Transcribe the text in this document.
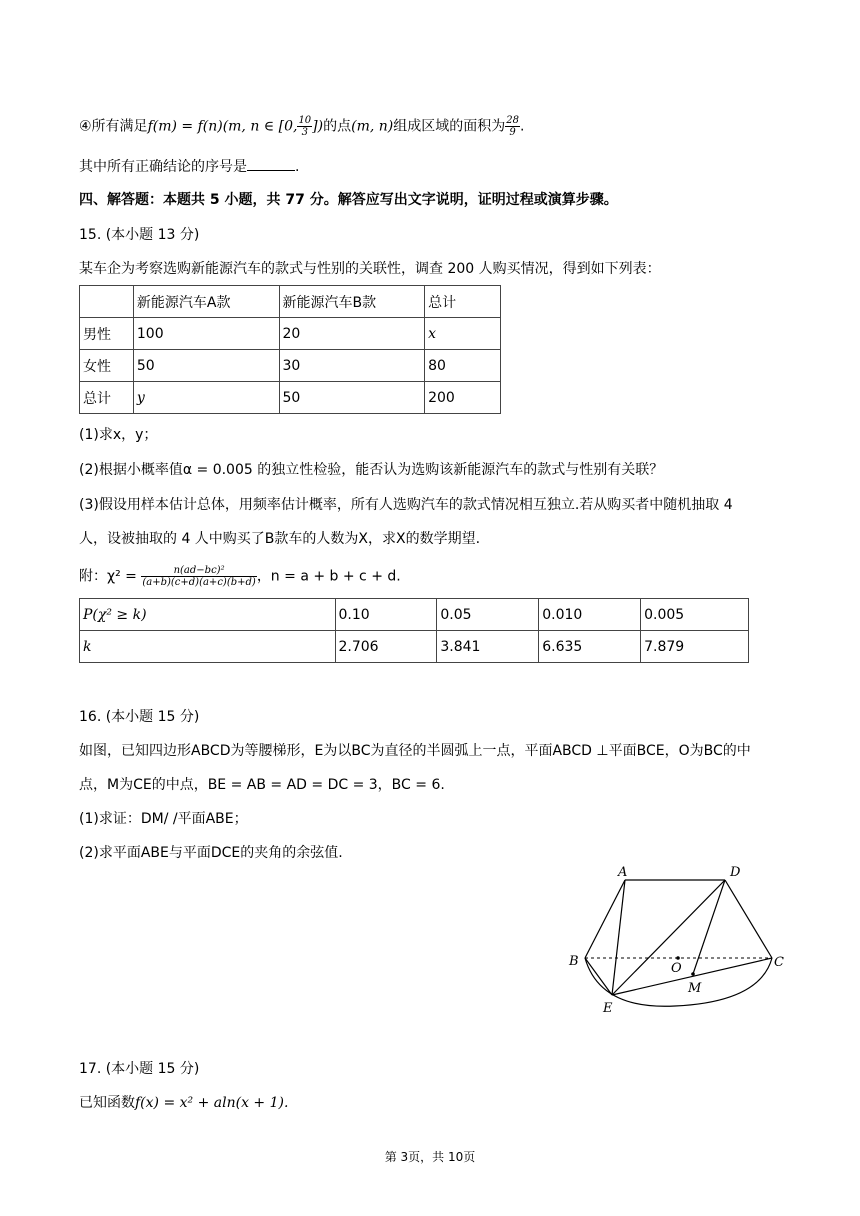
④所有满足f(m) = f(n)(m, n ∈ [0, $\frac{10}{3}$ ])的点(m, n)组成区域的面积为 $\frac{28}{9}$ .
其中所有正确结论的序号是	.
四、解答题：本题共 5 小题，共 77 分。解答应写出文字说明，证明过程或演算步骤。
15. (本小题 13 分)
某车企为考察选购新能源汽车的款式与性别的关联性，调查 200 人购买情况，得到如下列表：
	新能源汽车A款	新能源汽车B款	总计
男性	100	20	x
女性	50	30	80
总计	y	50	200
(1)求x，y；
(2)根据小概率值α = 0.005 的独立性检验，能否认为选购该新能源汽车的款式与性别有关联？
(3)假设用样本估计总体，用频率估计概率，所有人选购汽车的款式情况相互独立.若从购买者中随机抽取 4
人，设被抽取的 4 人中购买了B款车的人数为X，求X的数学期望.
附：$\chi^2 = \frac{\text{n(ad−bc)²}}{(a+b)(c+d)(a+c)(b+d)}$ ，n = a + b + c + d.
P(χ² ≥ k)	0.10	0.05	0.010	0.005
k	2.706	3.841	6.635	7.879
16. (本小题 15 分)
如图，已知四边形ABCD为等腰梯形，E为以BC为直径的半圆弧上一点，平面ABCD ⊥平面BCE，O为BC的中
点，M为CE的中点，BE = AB = AD = DC = 3，BC = 6.
(1)求证：DM/ /平面ABE；
(2)求平面ABE与平面DCE的夹角的余弦值.
A	D
B	C
O
M
E
17. (本小题 15 分)
已知函数f(x) = x² + aln(x + 1).
第 3页，共 10页
